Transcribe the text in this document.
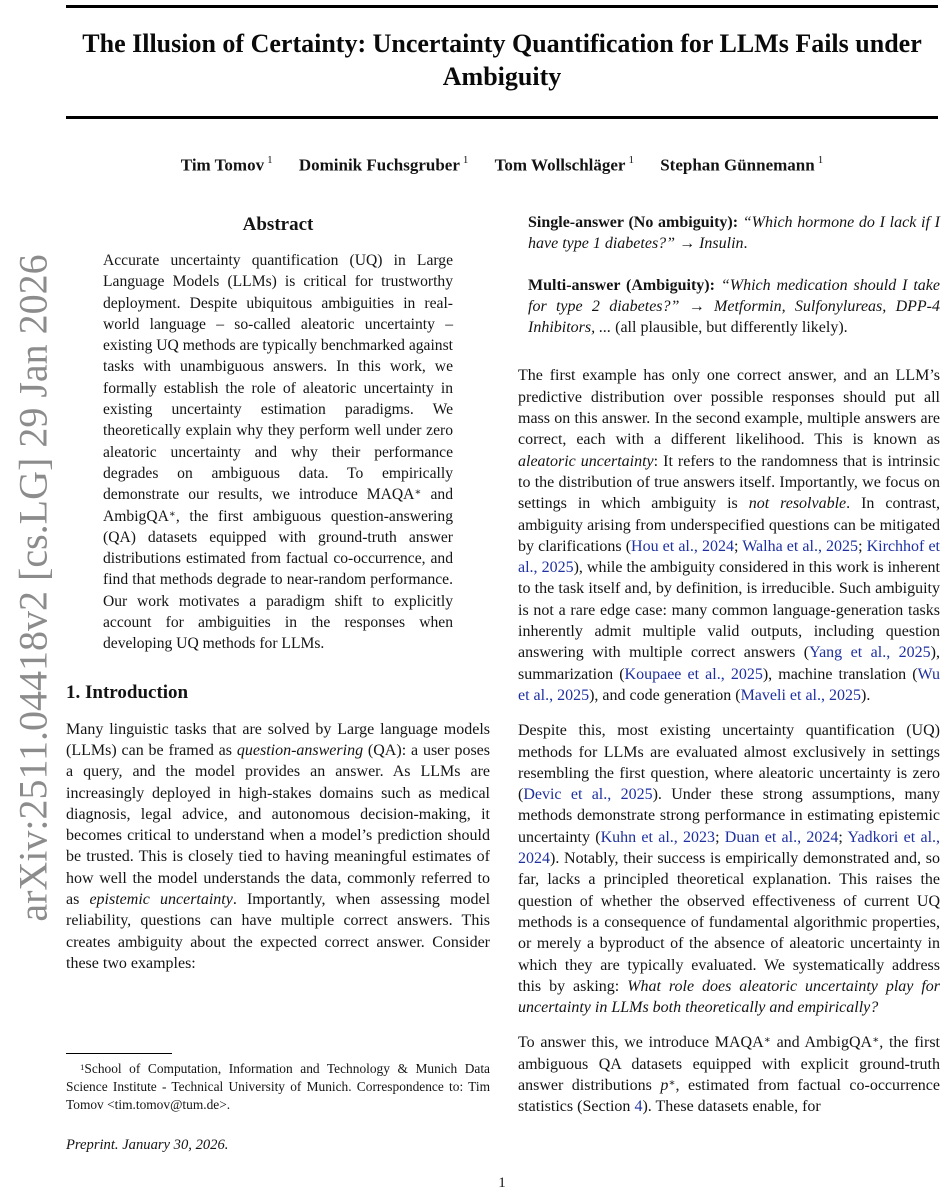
arXiv:2511.04418v2 [cs.LG] 29 Jan 2026
The Illusion of Certainty: Uncertainty Quantification for LLMs Fails under
Ambiguity
Tim Tomov $^1$ Dominik Fuchsgruber $^1$ Tom Wollschläger $^1$ Stephan Günnemann $^1$
Abstract

Accurate uncertainty quantification (UQ) in Large Language Models (LLMs) is critical for trustworthy deployment. Despite ubiquitous ambiguities in real-world language – so-called aleatoric uncertainty – existing UQ methods are typically benchmarked against tasks with unambiguous answers. In this work, we formally establish the role of aleatoric uncertainty in existing uncertainty estimation paradigms. We theoretically explain why they perform well under zero aleatoric uncertainty and why their performance degrades on ambiguous data. To empirically demonstrate our results, we introduce MAQA∗ and AmbigQA∗, the first ambiguous question-answering (QA) datasets equipped with ground-truth answer distributions estimated from factual co-occurrence, and find that methods degrade to near-random performance. Our work motivates a paradigm shift to explicitly account for ambiguities in the responses when developing UQ methods for LLMs.

1. Introduction

Many linguistic tasks that are solved by Large language models (LLMs) can be framed as question-answering (QA): a user poses a query, and the model provides an answer. As LLMs are increasingly deployed in high-stakes domains such as medical diagnosis, legal advice, and autonomous decision-making, it becomes critical to understand when a model’s prediction should be trusted. This is closely tied to having meaningful estimates of how well the model understands the data, commonly referred to as epistemic uncertainty. Importantly, when assessing model reliability, questions can have multiple correct answers. This creates ambiguity about the expected correct answer. Consider these two examples:

Single-answer (No ambiguity): “Which hormone do I lack if I have type 1 diabetes?” → Insulin.

Multi-answer (Ambiguity): “Which medication should I take for type 2 diabetes?” → Metformin, Sulfonylureas, DPP-4 Inhibitors, ... (all plausible, but differently likely).

The first example has only one correct answer, and an LLM’s predictive distribution over possible responses should put all mass on this answer. In the second example, multiple answers are correct, each with a different likelihood. This is known as aleatoric uncertainty: It refers to the randomness that is intrinsic to the distribution of true answers itself. Importantly, we focus on settings in which ambiguity is not resolvable. In contrast, ambiguity arising from underspecified questions can be mitigated by clarifications (Hou et al., 2024; Walha et al., 2025; Kirchhof et al., 2025), while the ambiguity considered in this work is inherent to the task itself and, by definition, is irreducible. Such ambiguity is not a rare edge case: many common language-generation tasks inherently admit multiple valid outputs, including question answering with multiple correct answers (Yang et al., 2025), summarization (Koupaee et al., 2025), machine translation (Wu et al., 2025), and code generation (Maveli et al., 2025).

Despite this, most existing uncertainty quantification (UQ) methods for LLMs are evaluated almost exclusively in settings resembling the first question, where aleatoric uncertainty is zero (Devic et al., 2025). Under these strong assumptions, many methods demonstrate strong performance in estimating epistemic uncertainty (Kuhn et al., 2023; Duan et al., 2024; Yadkori et al., 2024). Notably, their success is empirically demonstrated and, so far, lacks a principled theoretical explanation. This raises the question of whether the observed effectiveness of current UQ methods is a consequence of fundamental algorithmic properties, or merely a byproduct of the absence of aleatoric uncertainty in which they are typically evaluated. We systematically address this by asking: What role does aleatoric uncertainty play for uncertainty in LLMs both theoretically and empirically?

To answer this, we introduce MAQA∗ and AmbigQA∗, the first ambiguous QA datasets equipped with explicit ground-truth answer distributions p∗, estimated from factual co-occurrence statistics (Section 4). These datasets enable, for

$^1$School of Computation, Information and Technology & Munich Data Science Institute - Technical University of Munich. Correspondence to: Tim Tomov <tim.tomov@tum.de>.

Preprint. January 30, 2026.

1
